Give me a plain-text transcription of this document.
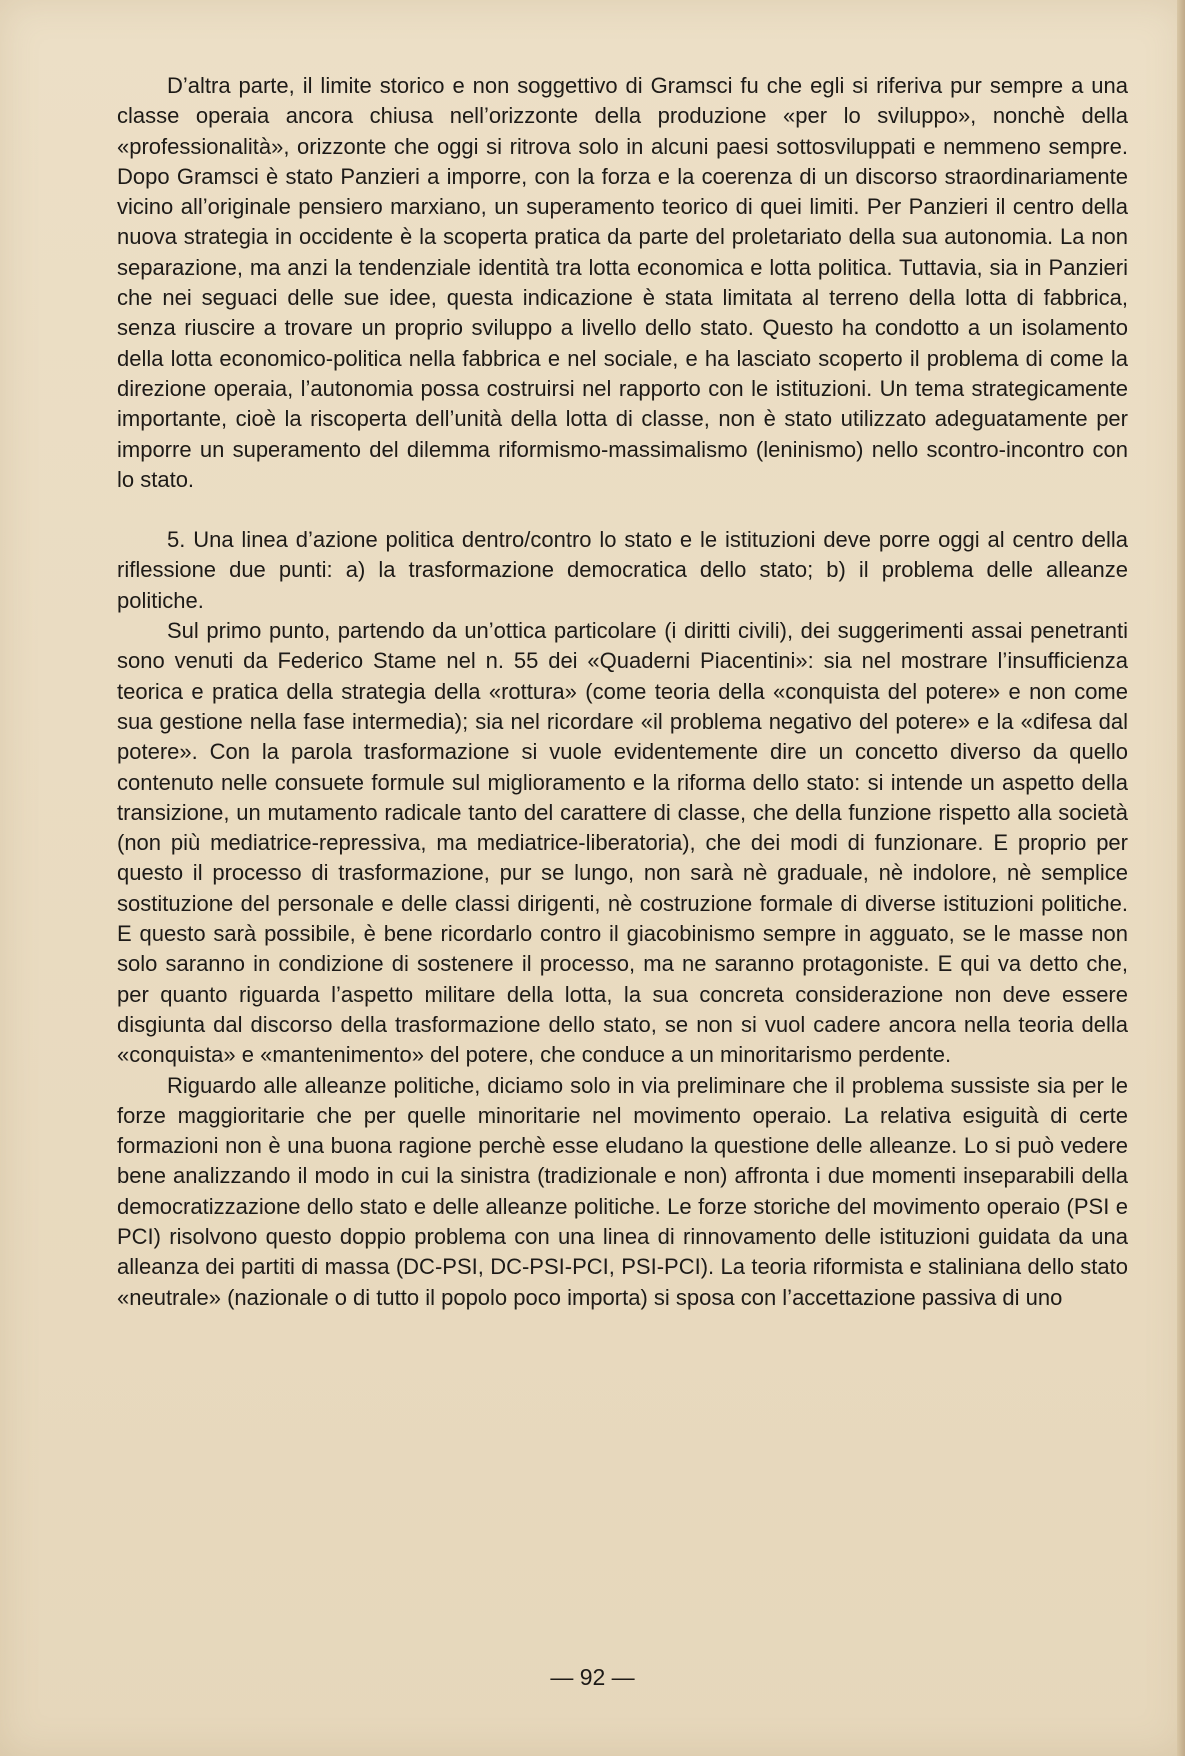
D’altra parte, il limite storico e non soggettivo di Gramsci fu che egli si riferiva pur sempre a una classe operaia ancora chiusa nell’orizzonte della produzione «per lo sviluppo», nonchè della «professionalità», orizzonte che oggi si ritrova solo in alcuni paesi sottosviluppati e nemmeno sempre. Dopo Gramsci è stato Panzieri a imporre, con la forza e la coerenza di un discorso straordinariamente vicino all’originale pensiero marxiano, un superamento teorico di quei limiti. Per Panzieri il centro della nuova strategia in occidente è la scoperta pratica da parte del proletariato della sua autonomia. La non separazione, ma anzi la tendenziale identità tra lotta economica e lotta politica. Tuttavia, sia in Panzieri che nei seguaci delle sue idee, questa indicazione è stata limitata al terreno della lotta di fabbrica, senza riuscire a trovare un proprio sviluppo a livello dello stato. Questo ha condotto a un isolamento della lotta economico-politica nella fabbrica e nel sociale, e ha lasciato scoperto il problema di come la direzione operaia, l’autonomia possa costruirsi nel rapporto con le istituzioni. Un tema strategicamente importante, cioè la riscoperta dell’unità della lotta di classe, non è stato utilizzato adeguatamente per imporre un superamento del dilemma riformismo-massimalismo (leninismo) nello scontro-incontro con lo stato.

5. Una linea d’azione politica dentro/contro lo stato e le istituzioni deve porre oggi al centro della riflessione due punti: a) la trasformazione democratica dello stato; b) il problema delle alleanze politiche.

Sul primo punto, partendo da un’ottica particolare (i diritti civili), dei suggerimenti assai penetranti sono venuti da Federico Stame nel n. 55 dei «Quaderni Piacentini»: sia nel mostrare l’insufficienza teorica e pratica della strategia della «rottura» (come teoria della «conquista del potere» e non come sua gestione nella fase intermedia); sia nel ricordare «il problema negativo del potere» e la «difesa dal potere». Con la parola trasformazione si vuole evidentemente dire un concetto diverso da quello contenuto nelle consuete formule sul miglioramento e la riforma dello stato: si intende un aspetto della transizione, un mutamento radicale tanto del carattere di classe, che della funzione rispetto alla società (non più mediatrice-repressiva, ma mediatrice-liberatoria), che dei modi di funzionare. E proprio per questo il processo di trasformazione, pur se lungo, non sarà nè graduale, nè indolore, nè semplice sostituzione del personale e delle classi dirigenti, nè costruzione formale di diverse istituzioni politiche. E questo sarà possibile, è bene ricordarlo contro il giacobinismo sempre in agguato, se le masse non solo saranno in condizione di sostenere il processo, ma ne saranno protagoniste. E qui va detto che, per quanto riguarda l’aspetto militare della lotta, la sua concreta considerazione non deve essere disgiunta dal discorso della trasformazione dello stato, se non si vuol cadere ancora nella teoria della «conquista» e «mantenimento» del potere, che conduce a un minoritarismo perdente.

Riguardo alle alleanze politiche, diciamo solo in via preliminare che il problema sussiste sia per le forze maggioritarie che per quelle minoritarie nel movimento operaio. La relativa esiguità di certe formazioni non è una buona ragione perchè esse eludano la questione delle alleanze. Lo si può vedere bene analizzando il modo in cui la sinistra (tradizionale e non) affronta i due momenti inseparabili della democratizzazione dello stato e delle alleanze politiche. Le forze storiche del movimento operaio (PSI e PCI) risolvono questo doppio problema con una linea di rinnovamento delle istituzioni guidata da una alleanza dei partiti di massa (DC-PSI, DC-PSI-PCI, PSI-PCI). La teoria riformista e staliniana dello stato «neutrale» (nazionale o di tutto il popolo poco importa) si sposa con l’accettazione passiva di uno

— 92 —
